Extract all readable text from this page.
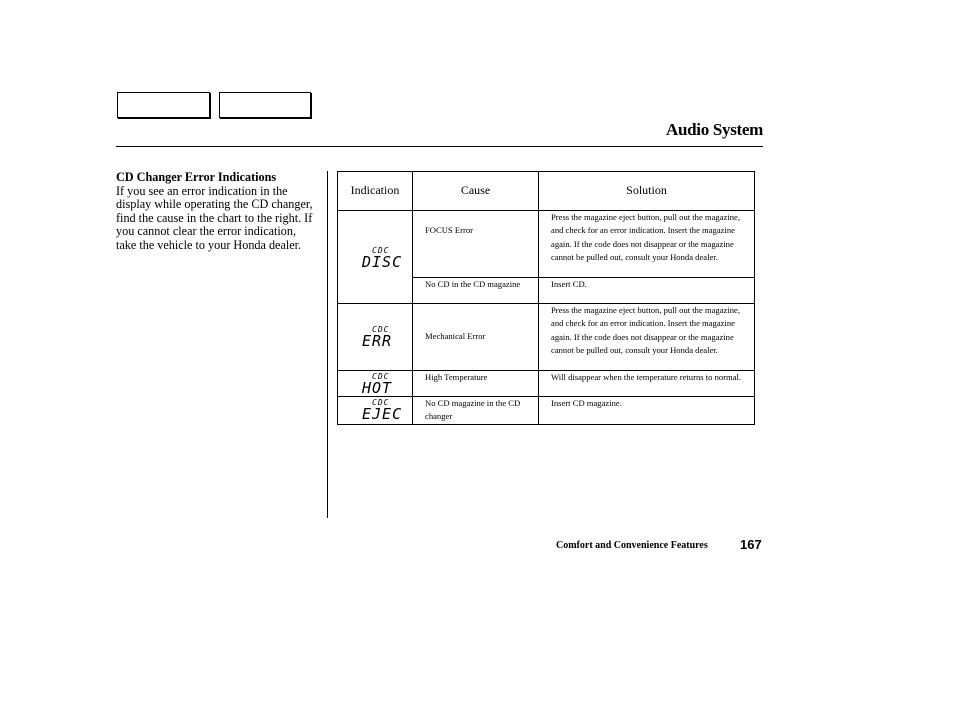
Audio System
CD Changer Error Indications
If you see an error indication in the display while operating the CD changer, find the cause in the chart to the right. If you cannot clear the error indication, take the vehicle to your Honda dealer.
Indication	Cause	Solution

CDC
DISC	FOCUS Error	Press the magazine eject button, pull out the magazine, and check for an error indication. Insert the magazine again. If the code does not disappear or the magazine cannot be pulled out, consult your Honda dealer.
	No CD in the CD magazine	Insert CD.

CDC
ERR	Mechanical Error	Press the magazine eject button, pull out the magazine, and check for an error indication. Insert the magazine again. If the code does not disappear or the magazine cannot be pulled out, consult your Honda dealer.

CDC
HOT	High Temperature	Will disappear when the temperature returns to normal.

CDC
EJEC	No CD magazine in the CD changer	Insert CD magazine.
Comfort and Convenience Features 167
